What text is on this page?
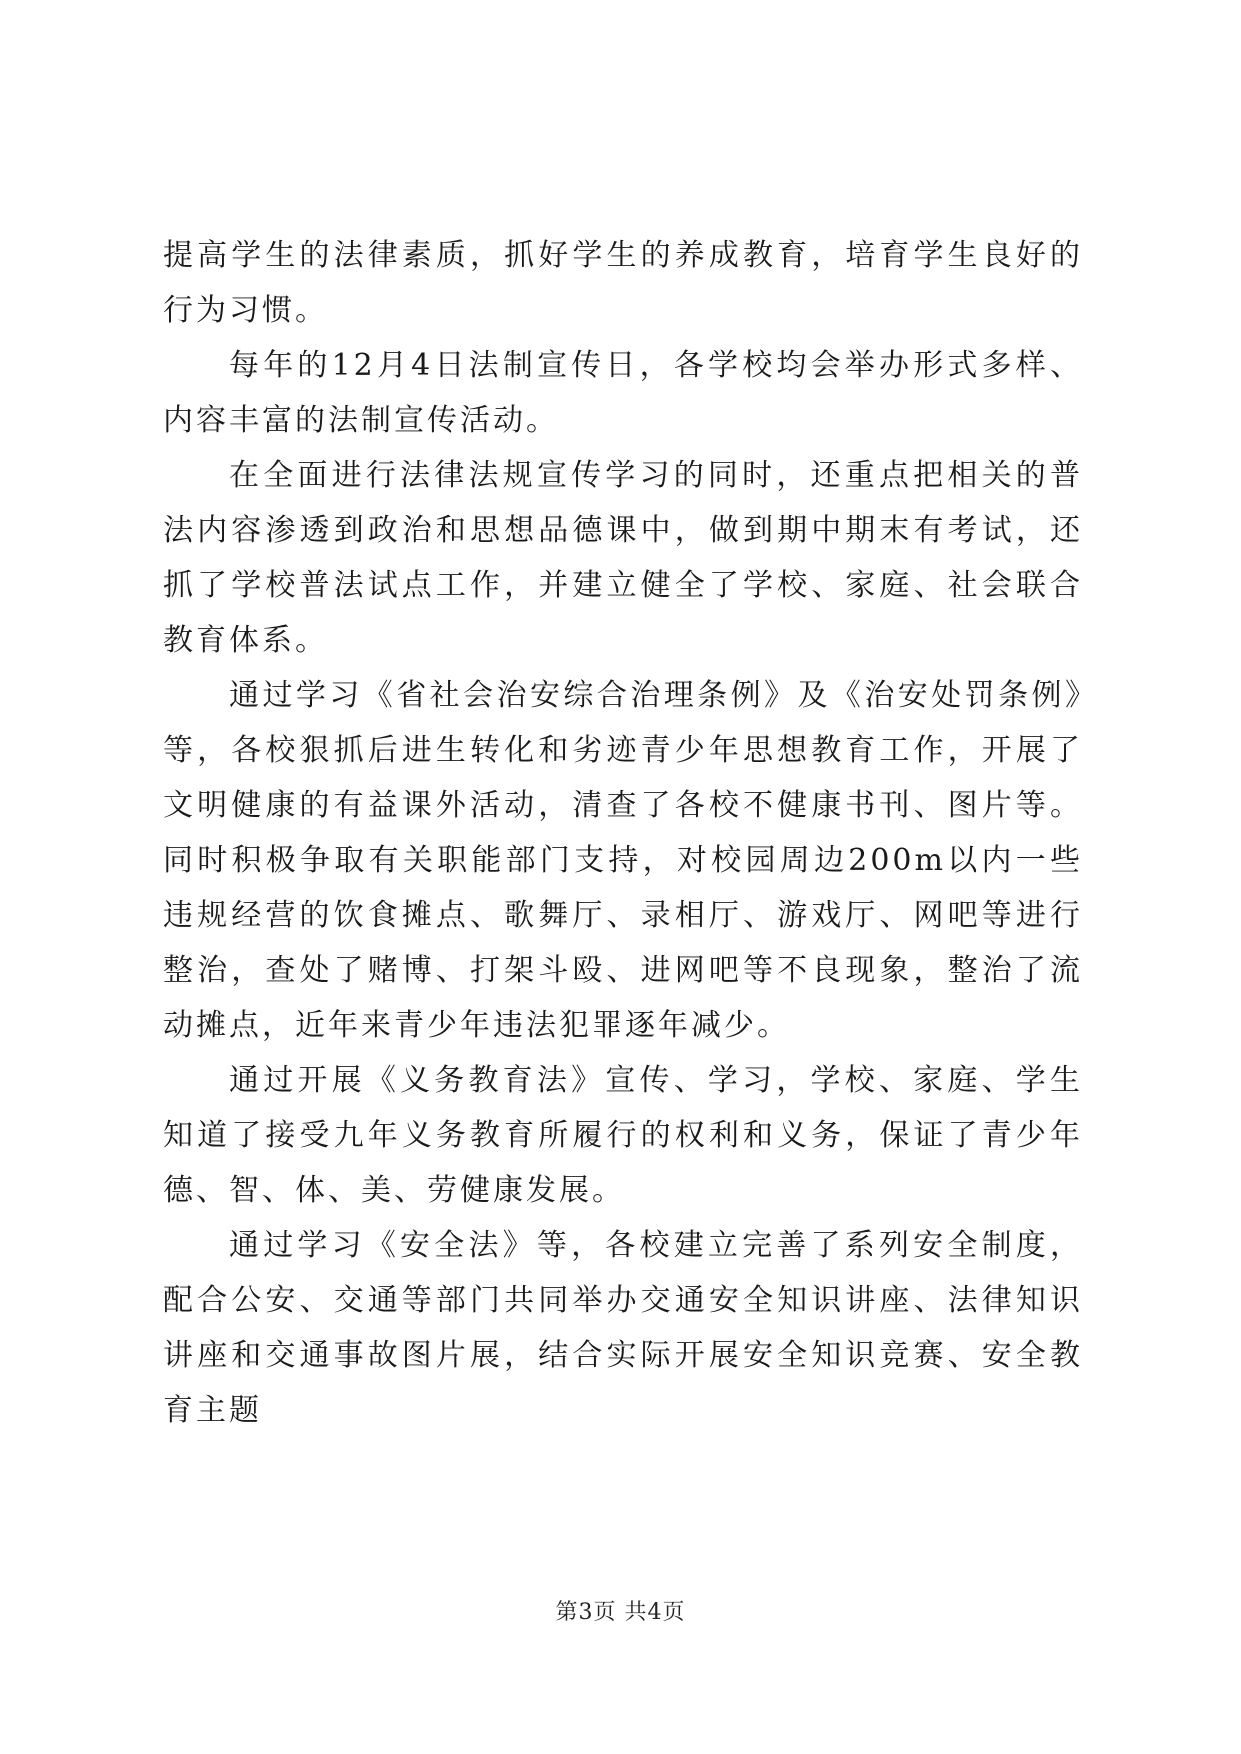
提高学生的法律素质，抓好学生的养成教育，培育学生良好的行为习惯。

每年的12月4日法制宣传日，各学校均会举办形式多样、内容丰富的法制宣传活动。

在全面进行法律法规宣传学习的同时，还重点把相关的普法内容渗透到政治和思想品德课中，做到期中期末有考试，还抓了学校普法试点工作，并建立健全了学校、家庭、社会联合教育体系。

通过学习《省社会治安综合治理条例》及《治安处罚条例》等，各校狠抓后进生转化和劣迹青少年思想教育工作，开展了文明健康的有益课外活动，清查了各校不健康书刊、图片等。同时积极争取有关职能部门支持，对校园周边200m以内一些违规经营的饮食摊点、歌舞厅、录相厅、游戏厅、网吧等进行整治，查处了赌博、打架斗殴、进网吧等不良现象，整治了流动摊点，近年来青少年违法犯罪逐年减少。

通过开展《义务教育法》宣传、学习，学校、家庭、学生知道了接受九年义务教育所履行的权利和义务，保证了青少年德、智、体、美、劳健康发展。

通过学习《安全法》等，各校建立完善了系列安全制度，配合公安、交通等部门共同举办交通安全知识讲座、法律知识讲座和交通事故图片展，结合实际开展安全知识竞赛、安全教育主题

第3页 共4页
